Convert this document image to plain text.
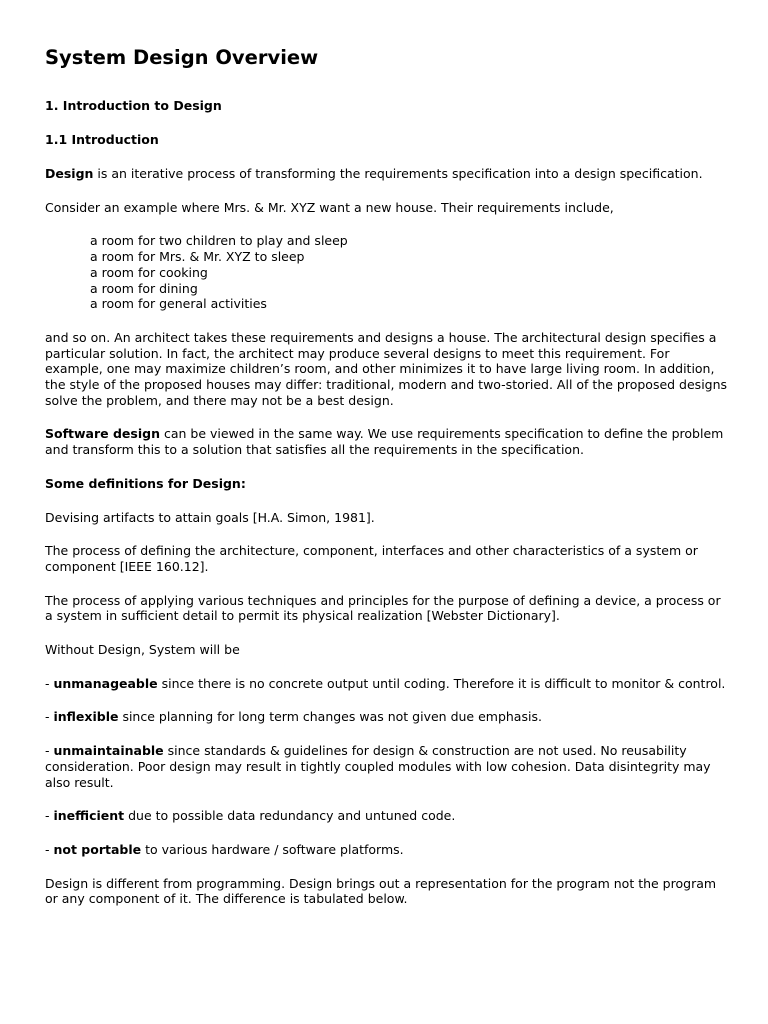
System Design Overview
1. Introduction to Design
1.1 Introduction

Design is an iterative process of transforming the requirements specification into a design specification.

Consider an example where Mrs. & Mr. XYZ want a new house. Their requirements include,

a room for two children to play and sleep
a room for Mrs. & Mr. XYZ to sleep
a room for cooking
a room for dining
a room for general activities

and so on. An architect takes these requirements and designs a house. The architectural design specifies a particular solution. In fact, the architect may produce several designs to meet this requirement. For example, one may maximize children’s room, and other minimizes it to have large living room. In addition, the style of the proposed houses may differ: traditional, modern and two-storied. All of the proposed designs solve the problem, and there may not be a best design.

Software design can be viewed in the same way. We use requirements specification to define the problem and transform this to a solution that satisfies all the requirements in the specification.

Some definitions for Design:

Devising artifacts to attain goals [H.A. Simon, 1981].

The process of defining the architecture, component, interfaces and other characteristics of a system or component [IEEE 160.12].

The process of applying various techniques and principles for the purpose of defining a device, a process or a system in sufficient detail to permit its physical realization [Webster Dictionary].

Without Design, System will be

- unmanageable since there is no concrete output until coding. Therefore it is difficult to monitor & control.

- inflexible since planning for long term changes was not given due emphasis.

- unmaintainable since standards & guidelines for design & construction are not used. No reusability consideration. Poor design may result in tightly coupled modules with low cohesion. Data disintegrity may also result.

- inefficient due to possible data redundancy and untuned code.

- not portable to various hardware / software platforms.

Design is different from programming. Design brings out a representation for the program not the program or any component of it. The difference is tabulated below.
